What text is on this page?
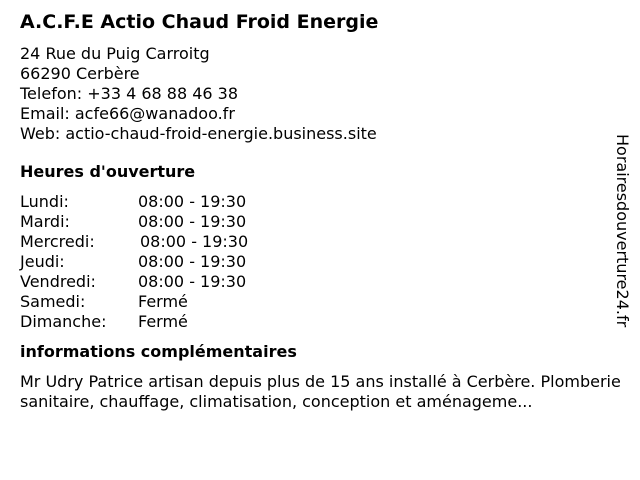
A.C.F.E Actio Chaud Froid Energie
24 Rue du Puig Carroitg
66290 Cerbère
Telefon: +33 4 68 88 46 38
Email: acfe66@wanadoo.fr
Web: actio-chaud-froid-energie.business.site
Heures d'ouverture
Lundi:	08:00 - 19:30
Mardi:	08:00 - 19:30
Mercredi:	08:00 - 19:30
Jeudi:	08:00 - 19:30
Vendredi:	08:00 - 19:30
Samedi:	Fermé
Dimanche:	Fermé
informations complémentaires
Mr Udry Patrice artisan depuis plus de 15 ans installé à Cerbère. Plomberie sanitaire, chauffage, climatisation, conception et aménageme...
Horairesdouverture24.fr
